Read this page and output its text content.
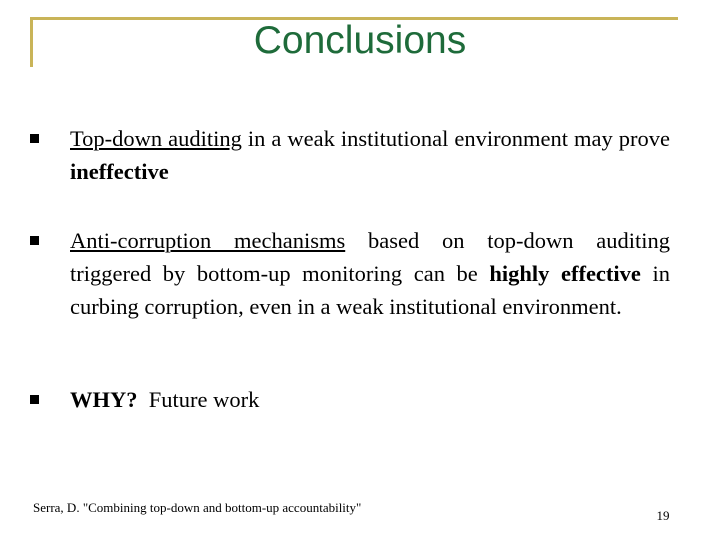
Conclusions
Top-down auditing in a weak institutional environment may prove ineffective
Anti-corruption mechanisms based on top-down auditing triggered by bottom-up monitoring can be highly effective in curbing corruption, even in a weak institutional environment.
WHY?  Future work
Serra, D. "Combining top-down and bottom-up accountability"
19
